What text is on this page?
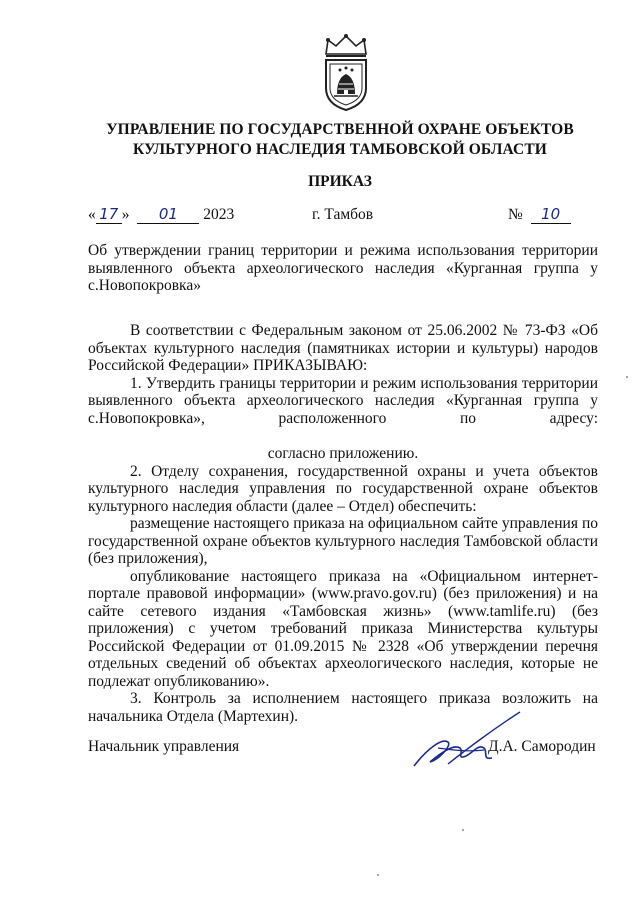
УПРАВЛЕНИЕ ПО ГОСУДАРСТВЕННОЙ ОХРАНЕ ОБЪЕКТОВ
КУЛЬТУРНОГО НАСЛЕДИЯ ТАМБОВСКОЙ ОБЛАСТИ
ПРИКАЗ
« 17 » 01 2023	г. Тамбов	№ 10
Об утверждении границ территории и режима использования территории выявленного объекта археологического наследия «Курганная группа у с.Новопокровка»

В соответствии с Федеральным законом от 25.06.2002 № 73-ФЗ «Об объектах культурного наследия (памятниках истории и культуры) народов Российской Федерации» ПРИКАЗЫВАЮ:

1. Утвердить границы территории и режим использования территории выявленного объекта археологического наследия «Курганная группа у с.Новопокровка», расположенного по адресу:

согласно приложению.

2. Отделу сохранения, государственной охраны и учета объектов культурного наследия управления по государственной охране объектов культурного наследия области (далее – Отдел) обеспечить:

размещение настоящего приказа на официальном сайте управления по государственной охране объектов культурного наследия Тамбовской области (без приложения),

опубликование настоящего приказа на «Официальном интернет-портале правовой информации» (www.pravo.gov.ru) (без приложения) и на сайте сетевого издания «Тамбовская жизнь» (www.tamlife.ru) (без приложения) с учетом требований приказа Министерства культуры Российской Федерации от 01.09.2015 № 2328 «Об утверждении перечня отдельных сведений об объектах археологического наследия, которые не подлежат опубликованию».

3. Контроль за исполнением настоящего приказа возложить на начальника Отдела (Мартехин).

Начальник управления	Д.А. Самородин
